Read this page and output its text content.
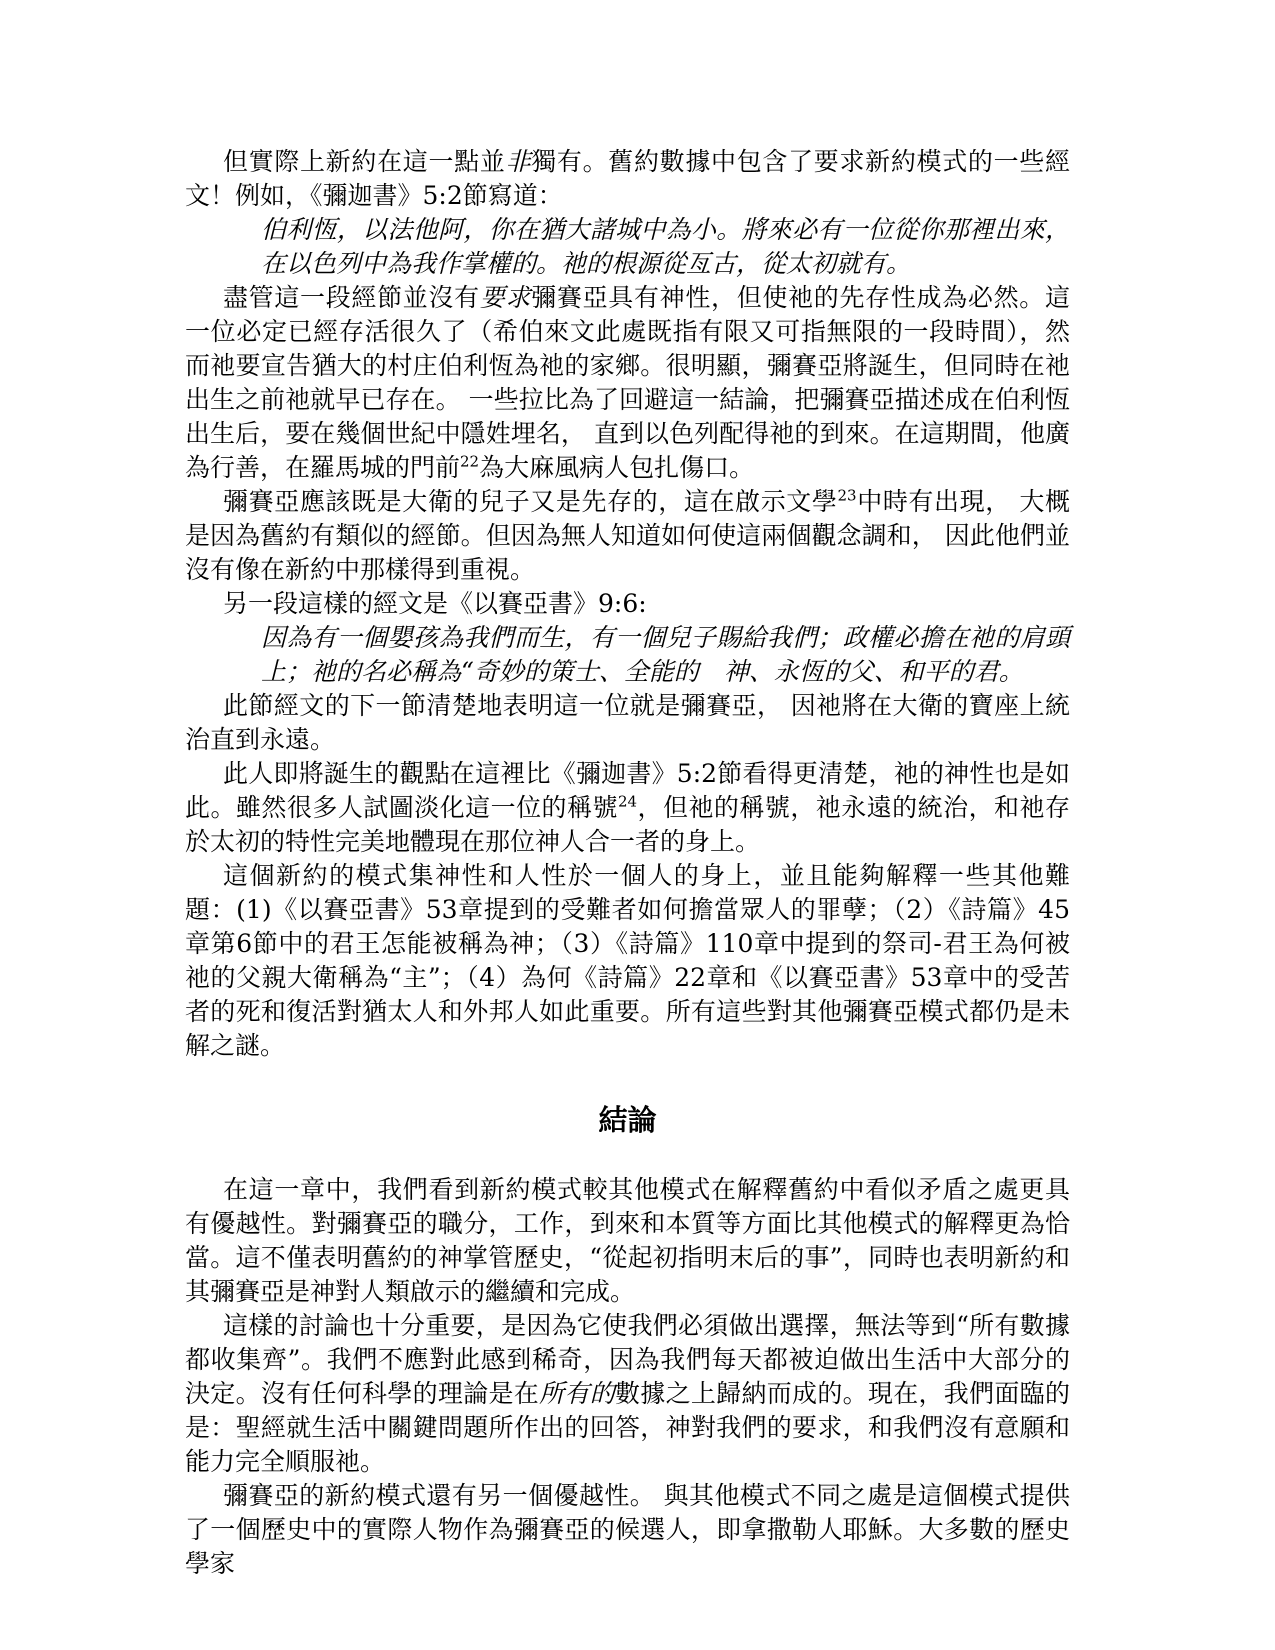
但實際上新約在這一點並非獨有。舊約數據中包含了要求新約模式的一些經文！例如，《彌迦書》5:2節寫道：

伯利恆，以法他阿，你在猶大諸城中為小。將來必有一位從你那裡出來，在以色列中為我作掌權的。祂的根源從亙古，從太初就有。

盡管這一段經節並沒有要求彌賽亞具有神性，但使祂的先存性成為必然。這一位必定已經存活很久了（希伯來文此處既指有限又可指無限的一段時間），然而祂要宣告猶大的村庄伯利恆為祂的家鄉。很明顯，彌賽亞將誕生，但同時在祂出生之前祂就早已存在。 一些拉比為了回避這一結論，把彌賽亞描述成在伯利恆出生后，要在幾個世紀中隱姓埋名， 直到以色列配得祂的到來。在這期間，他廣為行善，在羅馬城的門前$^{22}$為大麻風病人包扎傷口。

彌賽亞應該既是大衛的兒子又是先存的，這在啟示文學$^{23}$中時有出現， 大概是因為舊約有類似的經節。但因為無人知道如何使這兩個觀念調和， 因此他們並沒有像在新約中那樣得到重視。

另一段這樣的經文是《以賽亞書》9:6:

因為有一個嬰孩為我們而生，有一個兒子賜給我們；政權必擔在祂的肩頭上；祂的名必稱為“奇妙的策士、全能的　神、永恆的父、和平的君。

此節經文的下一節清楚地表明這一位就是彌賽亞， 因祂將在大衛的寶座上統治直到永遠。

此人即將誕生的觀點在這裡比《彌迦書》5:2節看得更清楚，祂的神性也是如此。雖然很多人試圖淡化這一位的稱號$^{24}$，但祂的稱號，祂永遠的統治，和祂存於太初的特性完美地體現在那位神人合一者的身上。

這個新約的模式集神性和人性於一個人的身上，並且能夠解釋一些其他難題：(1)《以賽亞書》53章提到的受難者如何擔當眾人的罪孽；（2）《詩篇》45章第6節中的君王怎能被稱為神；（3）《詩篇》110章中提到的祭司-君王為何被祂的父親大衛稱為“主”；（4）為何《詩篇》22章和《以賽亞書》53章中的受苦者的死和復活對猶太人和外邦人如此重要。所有這些對其他彌賽亞模式都仍是未解之謎。

結論

在這一章中，我們看到新約模式較其他模式在解釋舊約中看似矛盾之處更具有優越性。對彌賽亞的職分，工作，到來和本質等方面比其他模式的解釋更為恰當。這不僅表明舊約的神掌管歷史，“從起初指明末后的事”，同時也表明新約和其彌賽亞是神對人類啟示的繼續和完成。

這樣的討論也十分重要，是因為它使我們必須做出選擇，無法等到“所有數據都收集齊”。我們不應對此感到稀奇，因為我們每天都被迫做出生活中大部分的決定。沒有任何科學的理論是在所有的數據之上歸納而成的。現在，我們面臨的是：聖經就生活中關鍵問題所作出的回答，神對我們的要求，和我們沒有意願和能力完全順服祂。

彌賽亞的新約模式還有另一個優越性。 與其他模式不同之處是這個模式提供了一個歷史中的實際人物作為彌賽亞的候選人，即拿撒勒人耶穌。大多數的歷史學家
